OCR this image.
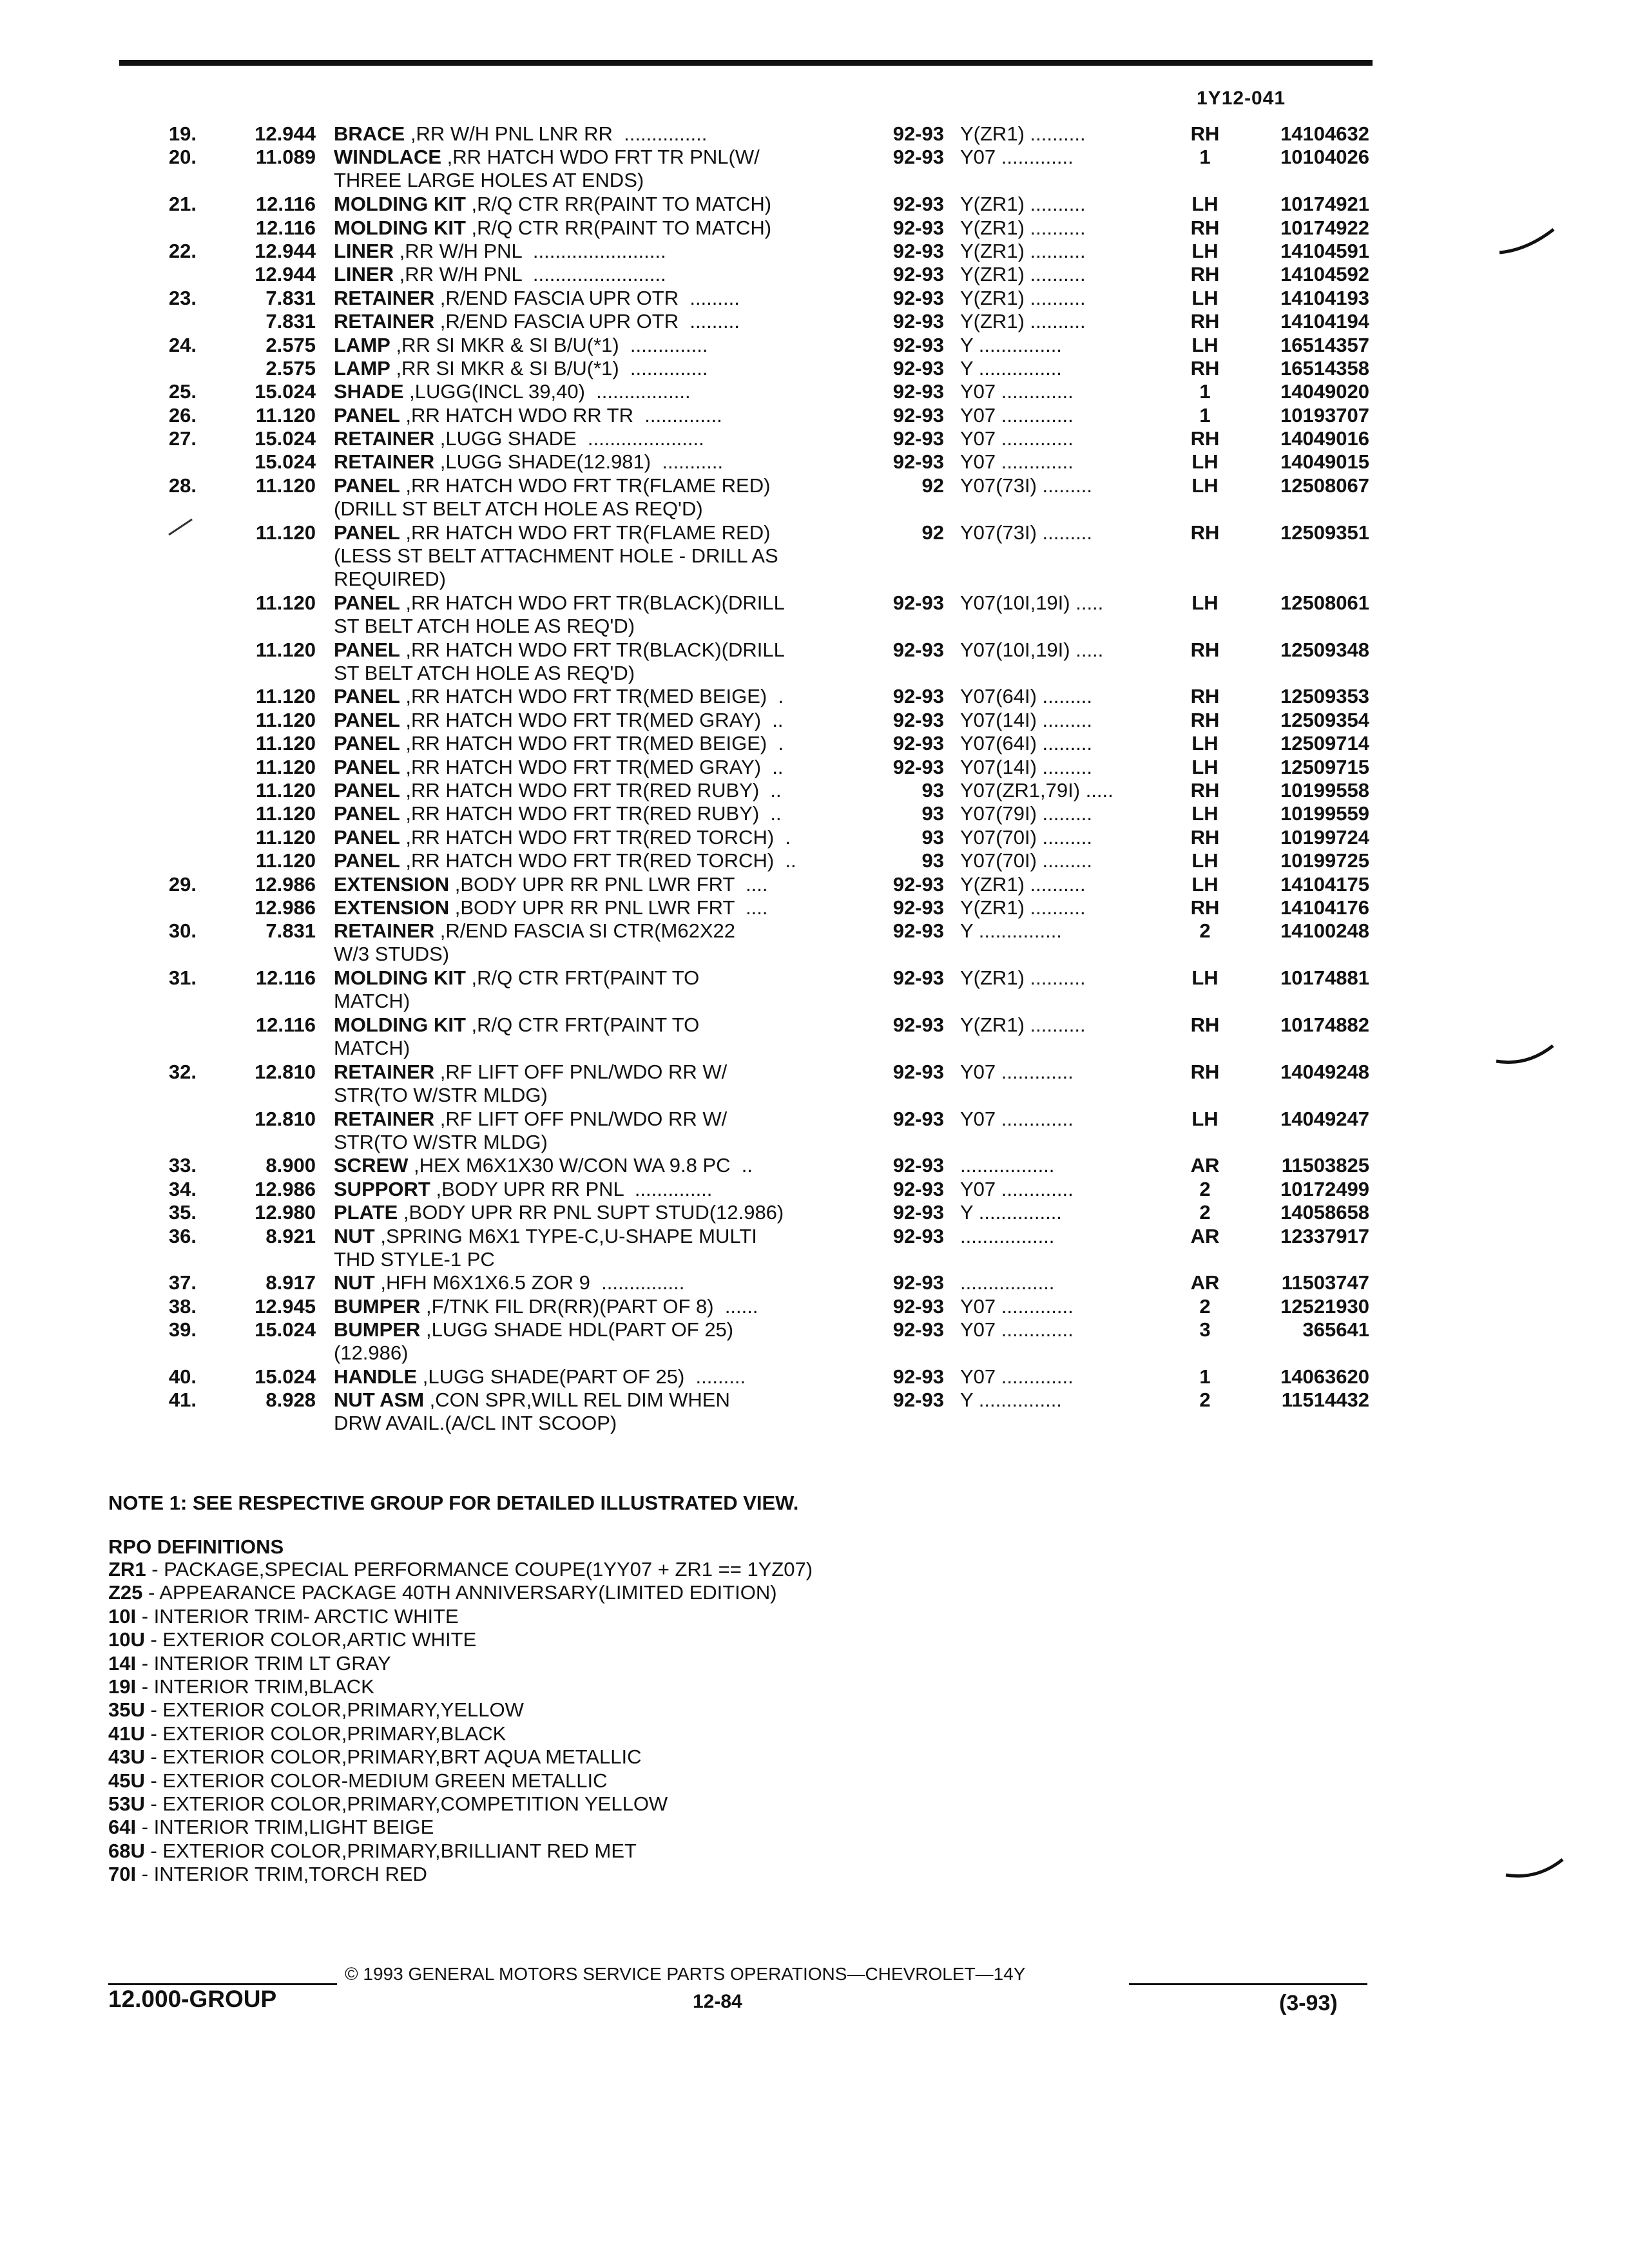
1Y12-041
19.	12.944 BRACE ,RR W/H PNL LNR RR  ...............	92-93 Y(ZR1) ..........	RH	14104632
20.	11.089 WINDLACE ,RR HATCH WDO FRT TR PNL(W/
THREE LARGE HOLES AT ENDS)
92-93 Y07 .............	1	10104026
21.	12.116 MOLDING KIT ,R/Q CTR RR(PAINT TO MATCH)	92-93 Y(ZR1) ..........	LH	10174921
12.116 MOLDING KIT ,R/Q CTR RR(PAINT TO MATCH)	92-93 Y(ZR1) ..........	RH	10174922
22.	12.944 LINER ,RR W/H PNL  ........................	92-93 Y(ZR1) ..........	LH	14104591
12.944 LINER ,RR W/H PNL  ........................	92-93 Y(ZR1) ..........	RH	14104592
23.	7.831 RETAINER ,R/END FASCIA UPR OTR  .........	92-93 Y(ZR1) ..........	LH	14104193
7.831 RETAINER ,R/END FASCIA UPR OTR  .........	92-93 Y(ZR1) ..........	RH	14104194
24.	2.575 LAMP ,RR SI MKR & SI B/U(*1)  ..............	92-93 Y ...............	LH	16514357
2.575 LAMP ,RR SI MKR & SI B/U(*1)  ..............	92-93 Y ...............	RH	16514358
25.	15.024 SHADE ,LUGG(INCL 39,40)  .................	92-93 Y07 .............	1	14049020
26.	11.120 PANEL ,RR HATCH WDO RR TR  ..............	92-93 Y07 .............	1	10193707
27.	15.024 RETAINER ,LUGG SHADE  .....................	92-93 Y07 .............	RH	14049016
15.024 RETAINER ,LUGG SHADE(12.981)  ...........	92-93 Y07 .............	LH	14049015
28.	11.120 PANEL ,RR HATCH WDO FRT TR(FLAME RED)
(DRILL ST BELT ATCH HOLE AS REQ'D)
92 Y07(73I) .........	LH	12508067
11.120 PANEL ,RR HATCH WDO FRT TR(FLAME RED)
(LESS ST BELT ATTACHMENT HOLE - DRILL AS
REQUIRED)
92 Y07(73I) .........	RH	12509351
11.120 PANEL ,RR HATCH WDO FRT TR(BLACK)(DRILL
ST BELT ATCH HOLE AS REQ'D)
92-93 Y07(10I,19I) .....	LH	12508061
11.120 PANEL ,RR HATCH WDO FRT TR(BLACK)(DRILL
ST BELT ATCH HOLE AS REQ'D)
92-93 Y07(10I,19I) .....	RH	12509348
11.120 PANEL ,RR HATCH WDO FRT TR(MED BEIGE)  .	92-93 Y07(64I) .........	RH	12509353
11.120 PANEL ,RR HATCH WDO FRT TR(MED GRAY)  ..	92-93 Y07(14I) .........	RH	12509354
11.120 PANEL ,RR HATCH WDO FRT TR(MED BEIGE)  .	92-93 Y07(64I) .........	LH	12509714
11.120 PANEL ,RR HATCH WDO FRT TR(MED GRAY)  ..	92-93 Y07(14I) .........	LH	12509715
11.120 PANEL ,RR HATCH WDO FRT TR(RED RUBY)  ..	93 Y07(ZR1,79I) .....	RH	10199558
11.120 PANEL ,RR HATCH WDO FRT TR(RED RUBY)  ..	93 Y07(79I) .........	LH	10199559
11.120 PANEL ,RR HATCH WDO FRT TR(RED TORCH)  .	93 Y07(70I) .........	RH	10199724
11.120 PANEL ,RR HATCH WDO FRT TR(RED TORCH)  ..	93 Y07(70I) .........	LH	10199725
29.	12.986 EXTENSION ,BODY UPR RR PNL LWR FRT  ....	92-93 Y(ZR1) ..........	LH	14104175
12.986 EXTENSION ,BODY UPR RR PNL LWR FRT  ....	92-93 Y(ZR1) ..........	RH	14104176
30.	7.831 RETAINER ,R/END FASCIA SI CTR(M62X22
W/3 STUDS)
92-93 Y ...............	2	14100248
31.	12.116 MOLDING KIT ,R/Q CTR FRT(PAINT TO
MATCH)
92-93 Y(ZR1) ..........	LH	10174881
12.116 MOLDING KIT ,R/Q CTR FRT(PAINT TO
MATCH)
92-93 Y(ZR1) ..........	RH	10174882
32.	12.810 RETAINER ,RF LIFT OFF PNL/WDO RR W/
STR(TO W/STR MLDG)
92-93 Y07 .............	RH	14049248
12.810 RETAINER ,RF LIFT OFF PNL/WDO RR W/
STR(TO W/STR MLDG)
92-93 Y07 .............	LH	14049247
33.	8.900 SCREW ,HEX M6X1X30 W/CON WA 9.8 PC  ..	92-93 .................	AR	11503825
34.	12.986 SUPPORT ,BODY UPR RR PNL  ..............	92-93 Y07 .............	2	10172499
35.	12.980 PLATE ,BODY UPR RR PNL SUPT STUD(12.986)	92-93 Y ...............	2	14058658
36.	8.921 NUT ,SPRING M6X1 TYPE-C,U-SHAPE MULTI
THD STYLE-1 PC
92-93 .................	AR	12337917
37.	8.917 NUT ,HFH M6X1X6.5 ZOR 9  ...............	92-93 .................	AR	11503747
38.	12.945 BUMPER ,F/TNK FIL DR(RR)(PART OF 8)  ......	92-93 Y07 .............	2	12521930
39.	15.024 BUMPER ,LUGG SHADE HDL(PART OF 25)
(12.986)
92-93 Y07 .............	3	365641
40.	15.024 HANDLE ,LUGG SHADE(PART OF 25)  .........	92-93 Y07 .............	1	14063620
41.	8.928 NUT ASM ,CON SPR,WILL REL DIM WHEN
DRW AVAIL.(A/CL INT SCOOP)
92-93 Y ...............	2	11514432
NOTE 1: SEE RESPECTIVE GROUP FOR DETAILED ILLUSTRATED VIEW.
RPO DEFINITIONS
ZR1 - PACKAGE,SPECIAL PERFORMANCE COUPE(1YY07 + ZR1 == 1YZ07)
Z25 - APPEARANCE PACKAGE 40TH ANNIVERSARY(LIMITED EDITION)
10I - INTERIOR TRIM- ARCTIC WHITE
10U - EXTERIOR COLOR,ARTIC WHITE
14I - INTERIOR TRIM LT GRAY
19I - INTERIOR TRIM,BLACK
35U - EXTERIOR COLOR,PRIMARY,YELLOW
41U - EXTERIOR COLOR,PRIMARY,BLACK
43U - EXTERIOR COLOR,PRIMARY,BRT AQUA METALLIC
45U - EXTERIOR COLOR-MEDIUM GREEN METALLIC
53U - EXTERIOR COLOR,PRIMARY,COMPETITION YELLOW
64I - INTERIOR TRIM,LIGHT BEIGE
68U - EXTERIOR COLOR,PRIMARY,BRILLIANT RED MET
70I - INTERIOR TRIM,TORCH RED
© 1993 GENERAL MOTORS SERVICE PARTS OPERATIONS—CHEVROLET—14Y
12.000-GROUP	12-84	(3-93)
